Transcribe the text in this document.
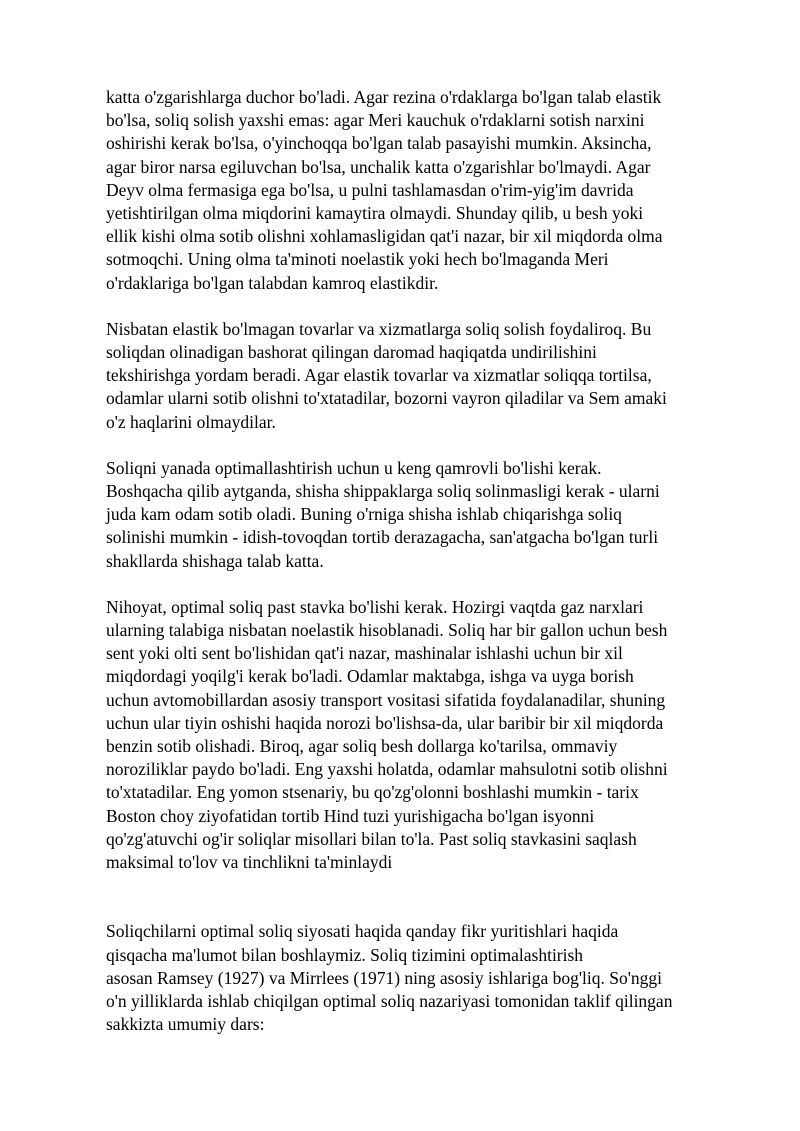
katta o'zgarishlarga duchor bo'ladi. Agar rezina o'rdaklarga bo'lgan talab elastik
bo'lsa, soliq solish yaxshi emas: agar Meri kauchuk o'rdaklarni sotish narxini
oshirishi kerak bo'lsa, o'yinchoqqa bo'lgan talab pasayishi mumkin. Aksincha,
agar biror narsa egiluvchan bo'lsa, unchalik katta o'zgarishlar bo'lmaydi. Agar
Deyv olma fermasiga ega bo'lsa, u pulni tashlamasdan o'rim-yig'im davrida
yetishtirilgan olma miqdorini kamaytira olmaydi. Shunday qilib, u besh yoki
ellik kishi olma sotib olishni xohlamasligidan qat'i nazar, bir xil miqdorda olma
sotmoqchi. Uning olma ta'minoti noelastik yoki hech bo'lmaganda Meri
o'rdaklariga bo'lgan talabdan kamroq elastikdir.

Nisbatan elastik bo'lmagan tovarlar va xizmatlarga soliq solish foydaliroq. Bu
soliqdan olinadigan bashorat qilingan daromad haqiqatda undirilishini
tekshirishga yordam beradi. Agar elastik tovarlar va xizmatlar soliqqa tortilsa,
odamlar ularni sotib olishni to'xtatadilar, bozorni vayron qiladilar va Sem amaki
o'z haqlarini olmaydilar.

Soliqni yanada optimallashtirish uchun u keng qamrovli bo'lishi kerak.
Boshqacha qilib aytganda, shisha shippaklarga soliq solinmasligi kerak - ularni
juda kam odam sotib oladi. Buning o'rniga shisha ishlab chiqarishga soliq
solinishi mumkin - idish-tovoqdan tortib derazagacha, san'atgacha bo'lgan turli
shakllarda shishaga talab katta.

Nihoyat, optimal soliq past stavka bo'lishi kerak. Hozirgi vaqtda gaz narxlari
ularning talabiga nisbatan noelastik hisoblanadi. Soliq har bir gallon uchun besh
sent yoki olti sent bo'lishidan qat'i nazar, mashinalar ishlashi uchun bir xil
miqdordagi yoqilg'i kerak bo'ladi. Odamlar maktabga, ishga va uyga borish
uchun avtomobillardan asosiy transport vositasi sifatida foydalanadilar, shuning
uchun ular tiyin oshishi haqida norozi bo'lishsa-da, ular baribir bir xil miqdorda
benzin sotib olishadi. Biroq, agar soliq besh dollarga ko'tarilsa, ommaviy
noroziliklar paydo bo'ladi. Eng yaxshi holatda, odamlar mahsulotni sotib olishni
to'xtatadilar. Eng yomon stsenariy, bu qo'zg'olonni boshlashi mumkin - tarix
Boston choy ziyofatidan tortib Hind tuzi yurishigacha bo'lgan isyonni
qo'zg'atuvchi og'ir soliqlar misollari bilan to'la. Past soliq stavkasini saqlash
maksimal to'lov va tinchlikni ta'minlaydi

Soliqchilarni optimal soliq siyosati haqida qanday fikr yuritishlari haqida
qisqacha ma'lumot bilan boshlaymiz. Soliq tizimini optimalashtirish
asosan Ramsey (1927) va Mirrlees (1971) ning asosiy ishlariga bog'liq. So'nggi
o'n yilliklarda ishlab chiqilgan optimal soliq nazariyasi tomonidan taklif qilingan
sakkizta umumiy dars:
